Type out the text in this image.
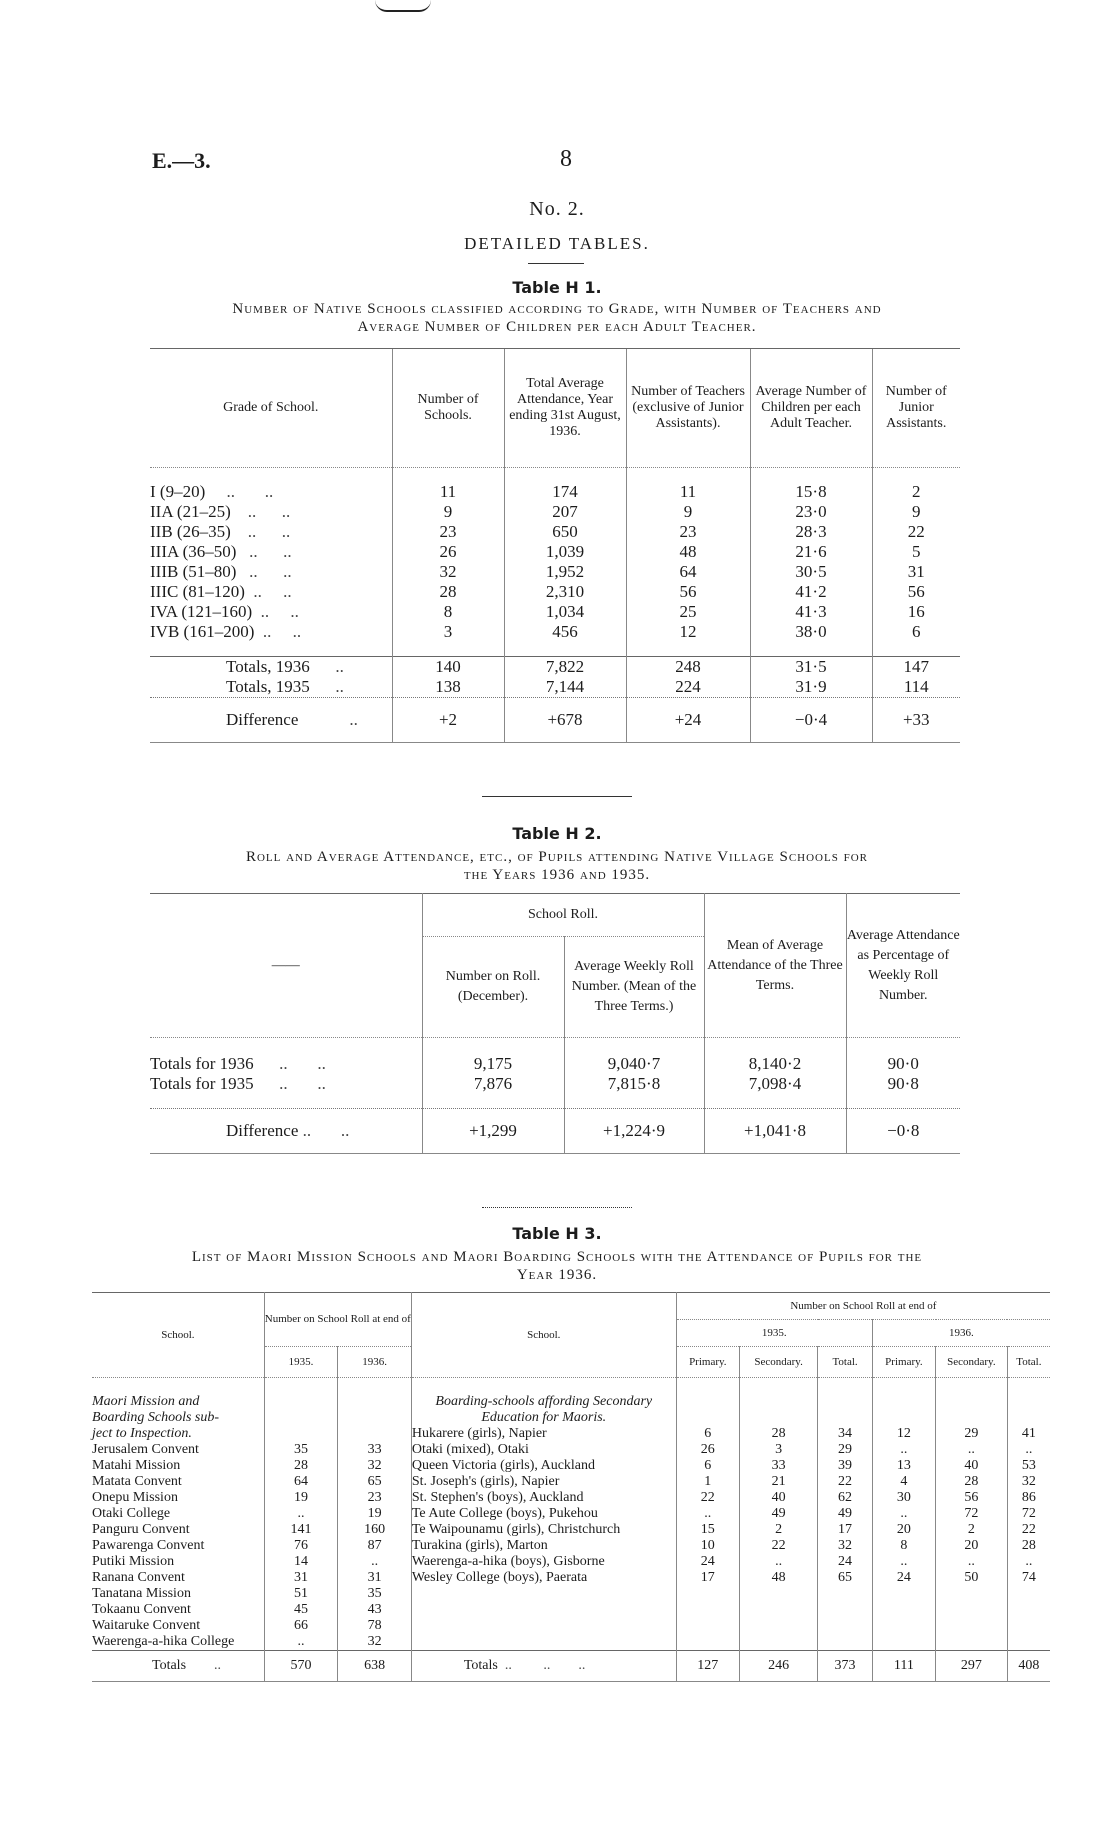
E.—3.	8
No. 2.
DETAILED TABLES.
Table H 1.
Number of Native Schools classified according to Grade, with Number of Teachers and
Average Number of Children per each Adult Teacher.
Grade of School.	Number of Schools.	Total Average Attendance, Year ending 31st August, 1936.	Number of Teachers (exclusive of Junior Assistants).	Average Number of Children per each Adult Teacher.	Number of Junior Assistants.

I (9–20)     ..       ..	11	174	11	15·8	2
IIA (21–25)    ..      ..	9	207	9	23·0	9
IIB (26–35)    ..      ..	23	650	23	28·3	22
IIIA (36–50)   ..      ..	26	1,039	48	21·6	5
IIIB (51–80)   ..      ..	32	1,952	64	30·5	31
IIIC (81–120)  ..     ..	28	2,310	56	41·2	56
IVA (121–160)  ..     ..	8	1,034	25	41·3	16
IVB (161–200)  ..     ..	3	456	12	38·0	6

Totals, 1936      ..	140	7,822	248	31·5	147
Totals, 1935      ..	138	7,144	224	31·9	114
Difference            ..	+2	+678	+24	−0·4	+33
Table H 2.
Roll and Average Attendance, etc., of Pupils attending Native Village Schools for
the Years 1936 and 1935.
——	School Roll.		Mean of Average Attendance of the Three Terms.	Average Attendance as Percentage of Weekly Roll Number.
	Number on Roll. (December).	Average Weekly Roll Number. (Mean of the Three Terms.)		
Totals for 1936      ..       ..	9,175	9,040·7	8,140·2	90·0
Totals for 1935      ..       ..	7,876	7,815·8	7,098·4	90·8
Difference ..       ..	+1,299	+1,224·9	+1,041·8	−0·8
Table H 3.
List of Maori Mission Schools and Maori Boarding Schools with the Attendance of Pupils for the
Year 1936.
School.	Number on School Roll at end of		School.	Number on School Roll at end of					
				1935.			1936.		
	1935.	1936.		Primary.	Secondary.	Total.	Primary.	Secondary.	Total.

Maori Mission and			Boarding-schools affording Secondary						
Boarding Schools sub-			Education for Maoris.						
ject to Inspection.			Hukarere (girls), Napier	6	28	34	12	29	41
Jerusalem Convent	35	33	Otaki (mixed), Otaki	26	3	29	..	..	..
Matahi Mission	28	32	Queen Victoria (girls), Auckland	6	33	39	13	40	53
Matata Convent	64	65	St. Joseph's (girls), Napier	1	21	22	4	28	32
Onepu Mission	19	23	St. Stephen's (boys), Auckland	22	40	62	30	56	86
Otaki College	..	19	Te Aute College (boys), Pukehou	..	49	49	..	72	72
Panguru Convent	141	160	Te Waipounamu (girls), Christchurch	15	2	17	20	2	22
Pawarenga Convent	76	87	Turakina (girls), Marton	10	22	32	8	20	28
Putiki Mission	14	..	Waerenga-a-hika (boys), Gisborne	24	..	24	..	..	..
Ranana Convent	31	31	Wesley College (boys), Paerata	17	48	65	24	50	74
Tanatana Mission	51	35							
Tokaanu Convent	45	43							
Waitaruke Convent	66	78							
Waerenga-a-hika College	..	32							
Totals        ..	570	638	Totals  ..         ..        ..	127	246	373	111	297	408
